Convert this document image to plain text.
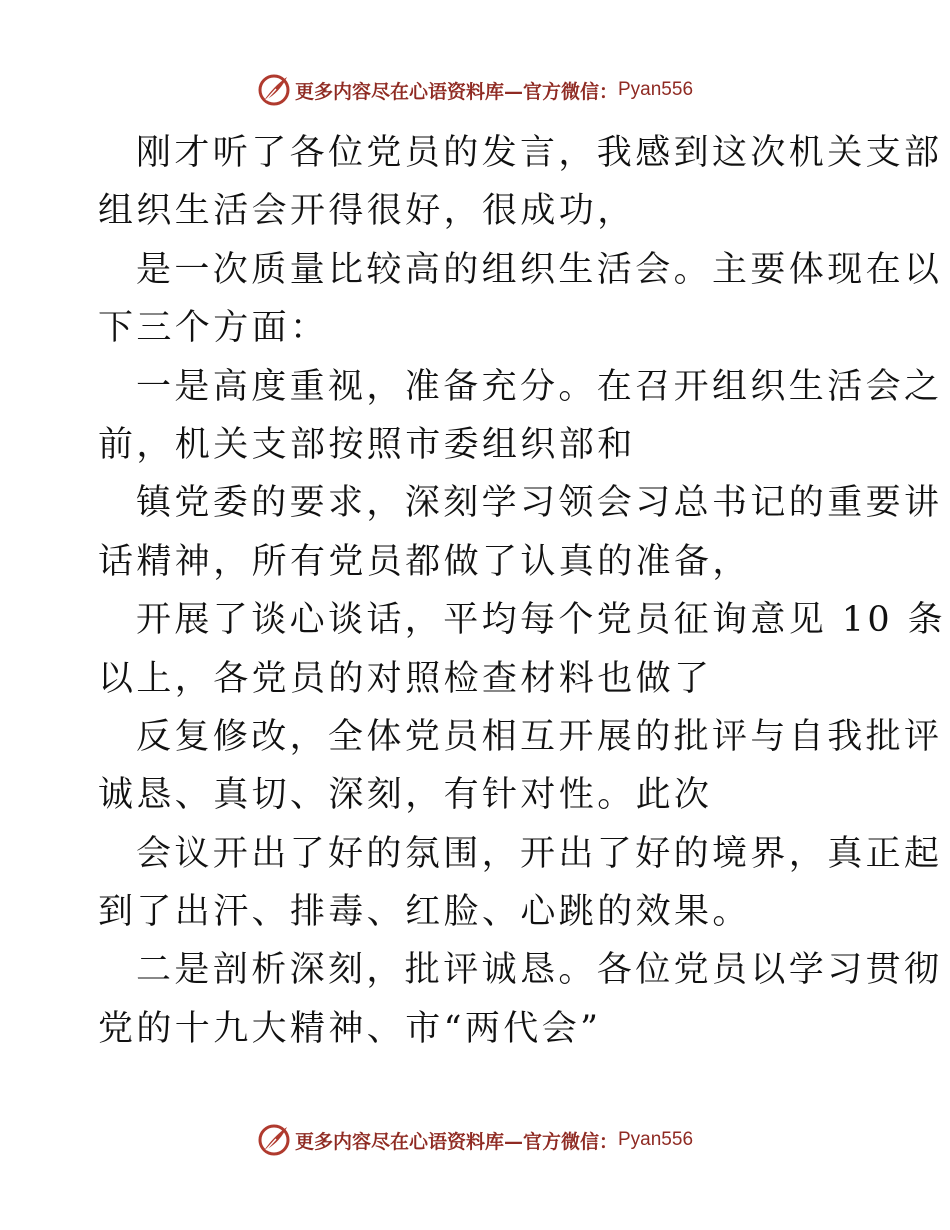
更多内容尽在心语资料库—官方微信： Pyan556
刚才听了各位党员的发言，我感到这次机关支部
组织生活会开得很好，很成功，
是一次质量比较高的组织生活会。主要体现在以
下三个方面：
一是高度重视，准备充分。在召开组织生活会之
前，机关支部按照市委组织部和
镇党委的要求，深刻学习领会习总书记的重要讲
话精神，所有党员都做了认真的准备，
开展了谈心谈话，平均每个党员征询意见 10 条
以上，各党员的对照检查材料也做了
反复修改，全体党员相互开展的批评与自我批评
诚恳、真切、深刻，有针对性。此次
会议开出了好的氛围，开出了好的境界，真正起
到了出汗、排毒、红脸、心跳的效果。
二是剖析深刻，批评诚恳。各位党员以学习贯彻
党的十九大精神、市“两代会”
更多内容尽在心语资料库—官方微信： Pyan556
